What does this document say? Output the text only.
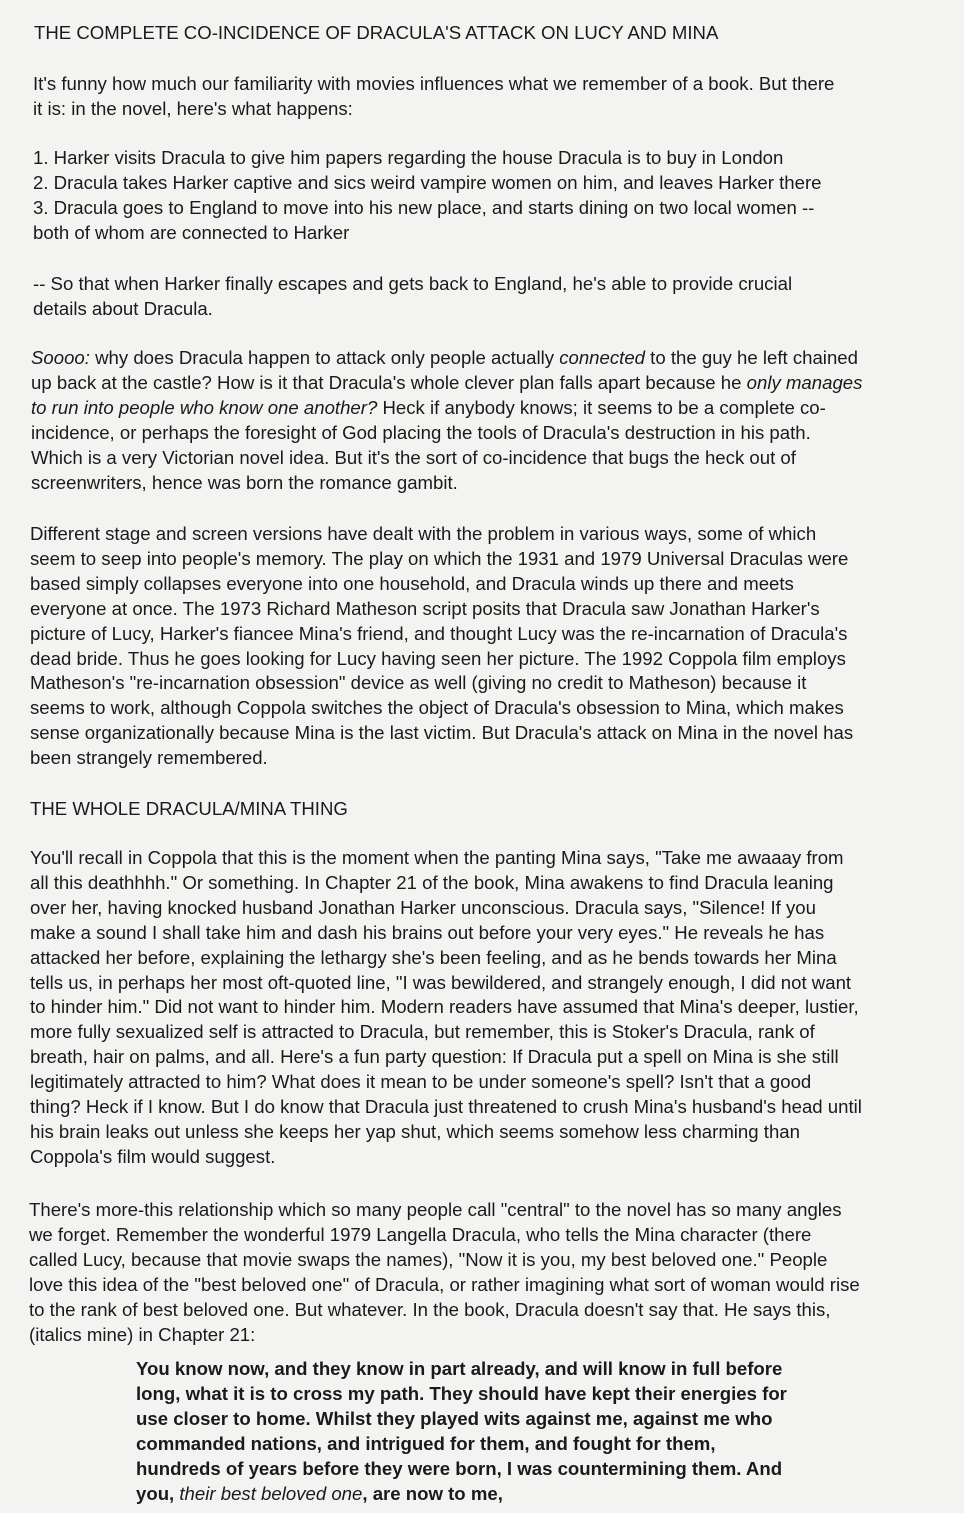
THE COMPLETE CO-INCIDENCE OF DRACULA'S ATTACK ON LUCY AND MINA

It's funny how much our familiarity with movies influences what we remember of a book. But there
it is: in the novel, here's what happens:

1. Harker visits Dracula to give him papers regarding the house Dracula is to buy in London
2. Dracula takes Harker captive and sics weird vampire women on him, and leaves Harker there
3. Dracula goes to England to move into his new place, and starts dining on two local women --
both of whom are connected to Harker

-- So that when Harker finally escapes and gets back to England, he's able to provide crucial
details about Dracula.

Soooo: why does Dracula happen to attack only people actually connected to the guy he left chained
up back at the castle? How is it that Dracula's whole clever plan falls apart because he only manages
to run into people who know one another? Heck if anybody knows; it seems to be a complete co-
incidence, or perhaps the foresight of God placing the tools of Dracula's destruction in his path.
Which is a very Victorian novel idea. But it's the sort of co-incidence that bugs the heck out of
screenwriters, hence was born the romance gambit.

Different stage and screen versions have dealt with the problem in various ways, some of which
seem to seep into people's memory. The play on which the 1931 and 1979 Universal Draculas were
based simply collapses everyone into one household, and Dracula winds up there and meets
everyone at once. The 1973 Richard Matheson script posits that Dracula saw Jonathan Harker's
picture of Lucy, Harker's fiancee Mina's friend, and thought Lucy was the re-incarnation of Dracula's
dead bride. Thus he goes looking for Lucy having seen her picture. The 1992 Coppola film employs
Matheson's "re-incarnation obsession" device as well (giving no credit to Matheson) because it
seems to work, although Coppola switches the object of Dracula's obsession to Mina, which makes
sense organizationally because Mina is the last victim. But Dracula's attack on Mina in the novel has
been strangely remembered.

THE WHOLE DRACULA/MINA THING

You'll recall in Coppola that this is the moment when the panting Mina says, "Take me awaaay from
all this deathhhh." Or something. In Chapter 21 of the book, Mina awakens to find Dracula leaning
over her, having knocked husband Jonathan Harker unconscious. Dracula says, "Silence! If you
make a sound I shall take him and dash his brains out before your very eyes." He reveals he has
attacked her before, explaining the lethargy she's been feeling, and as he bends towards her Mina
tells us, in perhaps her most oft-quoted line, "I was bewildered, and strangely enough, I did not want
to hinder him." Did not want to hinder him. Modern readers have assumed that Mina's deeper, lustier,
more fully sexualized self is attracted to Dracula, but remember, this is Stoker's Dracula, rank of
breath, hair on palms, and all. Here's a fun party question: If Dracula put a spell on Mina is she still
legitimately attracted to him? What does it mean to be under someone's spell? Isn't that a good
thing? Heck if I know. But I do know that Dracula just threatened to crush Mina's husband's head until
his brain leaks out unless she keeps her yap shut, which seems somehow less charming than
Coppola's film would suggest.

There's more-this relationship which so many people call "central" to the novel has so many angles
we forget. Remember the wonderful 1979 Langella Dracula, who tells the Mina character (there
called Lucy, because that movie swaps the names), "Now it is you, my best beloved one." People
love this idea of the "best beloved one" of Dracula, or rather imagining what sort of woman would rise
to the rank of best beloved one. But whatever. In the book, Dracula doesn't say that. He says this,
(italics mine) in Chapter 21:

You know now, and they know in part already, and will know in full before
long, what it is to cross my path. They should have kept their energies for
use closer to home. Whilst they played wits against me, against me who
commanded nations, and intrigued for them, and fought for them,
hundreds of years before they were born, I was countermining them. And
you, their best beloved one, are now to me,
